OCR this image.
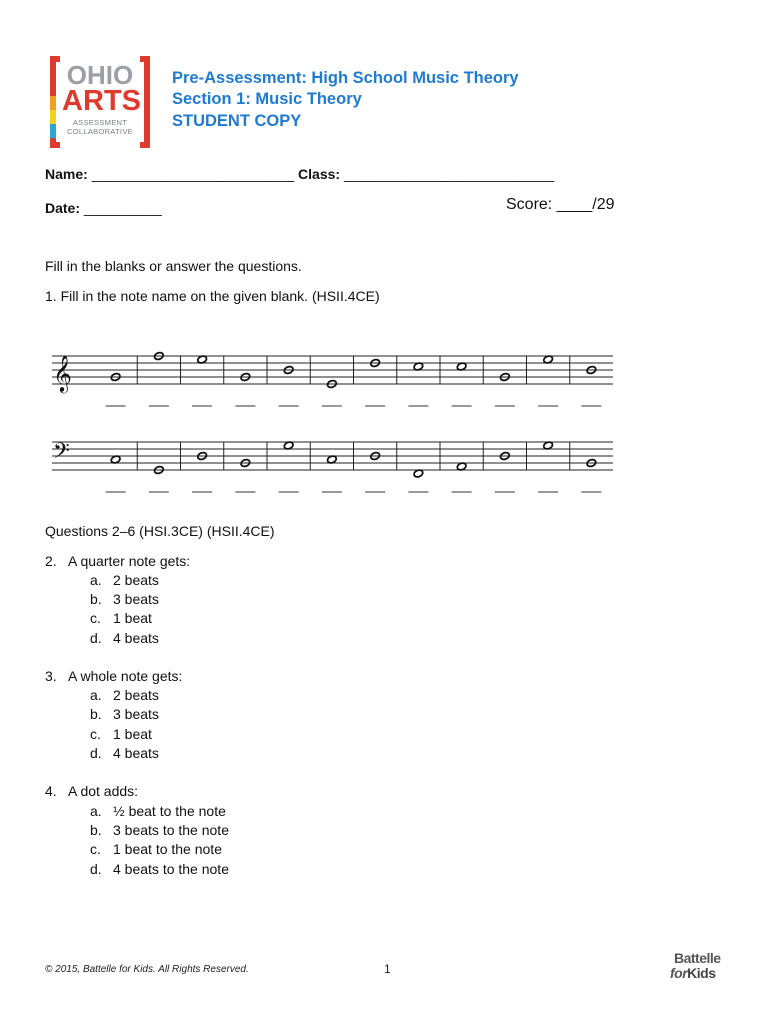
OHIO
ARTS
ASSESSMENT
COLLABORATIVE
Pre-Assessment: High School Music Theory
Section 1: Music Theory
STUDENT COPY
Name: __________________________ Class: ___________________________
Date: __________	Score: ____/29
Fill in the blanks or answer the questions.
1. Fill in the note name on the given blank. (HSII.4CE)
𝄞
𝄢
Questions 2–6 (HSI.3CE) (HSII.4CE)
2. A quarter note gets:
a. 2 beats
b. 3 beats
c. 1 beat
d. 4 beats
3. A whole note gets:
a. 2 beats
b. 3 beats
c. 1 beat
d. 4 beats
4. A dot adds:
a. ½ beat to the note
b. 3 beats to the note
c. 1 beat to the note
d. 4 beats to the note
© 2015, Battelle for Kids. All Rights Reserved.	1
Battelle
forKids
